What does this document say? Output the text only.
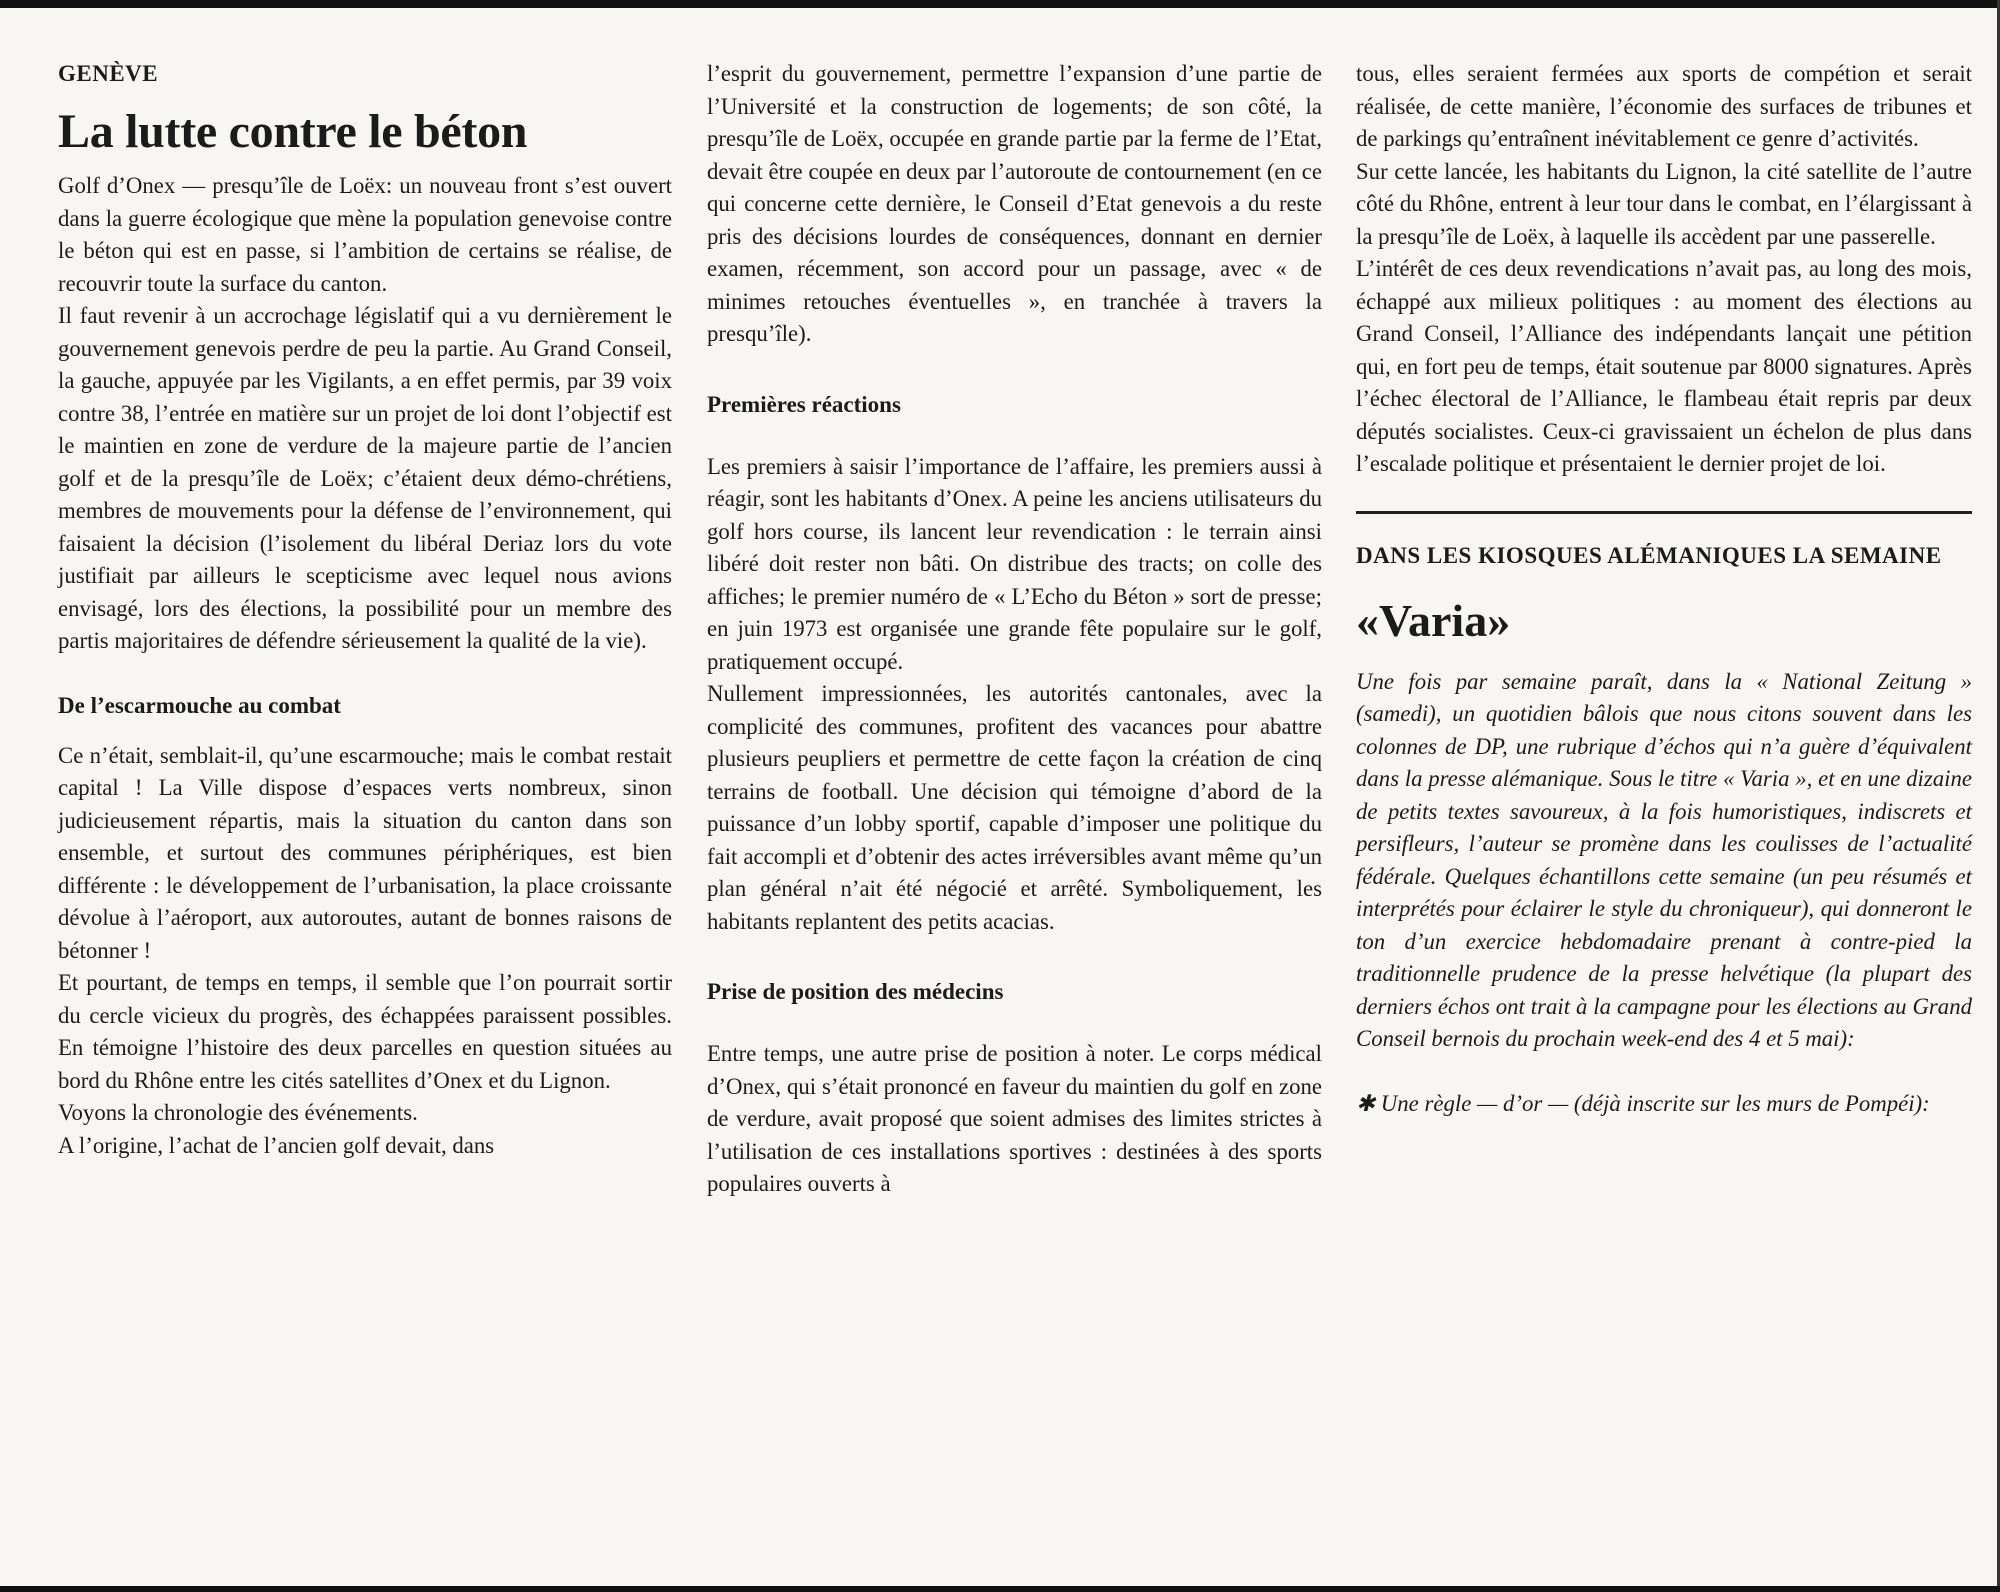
GENÈVE
La lutte contre le béton

Golf d’Onex — presqu’île de Loëx: un nouveau front s’est ouvert dans la guerre écologique que mène la population genevoise contre le béton qui est en passe, si l’ambition de certains se réalise, de recouvrir toute la surface du canton.

Il faut revenir à un accrochage législatif qui a vu dernièrement le gouvernement genevois perdre de peu la partie. Au Grand Conseil, la gauche, appuyée par les Vigilants, a en effet permis, par 39 voix contre 38, l’entrée en matière sur un projet de loi dont l’objectif est le maintien en zone de verdure de la majeure partie de l’ancien golf et de la presqu’île de Loëx; c’étaient deux démo-chrétiens, membres de mouvements pour la défense de l’environnement, qui faisaient la décision (l’isolement du libéral Deriaz lors du vote justifiait par ailleurs le scepticisme avec lequel nous avions envisagé, lors des élections, la possibilité pour un membre des partis majoritaires de défendre sérieusement la qualité de la vie).

De l’escarmouche au combat

Ce n’était, semblait-il, qu’une escarmouche; mais le combat restait capital ! La Ville dispose d’espaces verts nombreux, sinon judicieusement répartis, mais la situation du canton dans son ensemble, et surtout des communes périphériques, est bien différente : le développement de l’urbanisation, la place croissante dévolue à l’aéroport, aux autoroutes, autant de bonnes raisons de bétonner !

Et pourtant, de temps en temps, il semble que l’on pourrait sortir du cercle vicieux du progrès, des échappées paraissent possibles. En témoigne l’histoire des deux parcelles en question situées au bord du Rhône entre les cités satellites d’Onex et du Lignon.

Voyons la chronologie des événements.

A l’origine, l’achat de l’ancien golf devait, dans

l’esprit du gouvernement, permettre l’expansion d’une partie de l’Université et la construction de logements; de son côté, la presqu’île de Loëx, occupée en grande partie par la ferme de l’Etat, devait être coupée en deux par l’autoroute de contournement (en ce qui concerne cette dernière, le Conseil d’Etat genevois a du reste pris des décisions lourdes de conséquences, donnant en dernier examen, récemment, son accord pour un passage, avec « de minimes retouches éventuelles », en tranchée à travers la presqu’île).

Premières réactions

Les premiers à saisir l’importance de l’affaire, les premiers aussi à réagir, sont les habitants d’Onex. A peine les anciens utilisateurs du golf hors course, ils lancent leur revendication : le terrain ainsi libéré doit rester non bâti. On distribue des tracts; on colle des affiches; le premier numéro de « L’Echo du Béton » sort de presse; en juin 1973 est organisée une grande fête populaire sur le golf, pratiquement occupé.

Nullement impressionnées, les autorités cantonales, avec la complicité des communes, profitent des vacances pour abattre plusieurs peupliers et permettre de cette façon la création de cinq terrains de football. Une décision qui témoigne d’abord de la puissance d’un lobby sportif, capable d’imposer une politique du fait accompli et d’obtenir des actes irréversibles avant même qu’un plan général n’ait été négocié et arrêté. Symboliquement, les habitants replantent des petits acacias.

Prise de position des médecins

Entre temps, une autre prise de position à noter. Le corps médical d’Onex, qui s’était prononcé en faveur du maintien du golf en zone de verdure, avait proposé que soient admises des limites strictes à l’utilisation de ces installations sportives : destinées à des sports populaires ouverts à

tous, elles seraient fermées aux sports de compétion et serait réalisée, de cette manière, l’économie des surfaces de tribunes et de parkings qu’entraînent inévitablement ce genre d’activités.

Sur cette lancée, les habitants du Lignon, la cité satellite de l’autre côté du Rhône, entrent à leur tour dans le combat, en l’élargissant à la presqu’île de Loëx, à laquelle ils accèdent par une passerelle.

L’intérêt de ces deux revendications n’avait pas, au long des mois, échappé aux milieux politiques : au moment des élections au Grand Conseil, l’Alliance des indépendants lançait une pétition qui, en fort peu de temps, était soutenue par 8000 signatures. Après l’échec électoral de l’Alliance, le flambeau était repris par deux députés socialistes. Ceux-ci gravissaient un échelon de plus dans l’escalade politique et présentaient le dernier projet de loi.

DANS LES KIOSQUES ALÉMANIQUES LA SEMAINE
«Varia»

Une fois par semaine paraît, dans la « National Zeitung » (samedi), un quotidien bâlois que nous citons souvent dans les colonnes de DP, une rubrique d’échos qui n’a guère d’équivalent dans la presse alémanique. Sous le titre « Varia », et en une dizaine de petits textes savoureux, à la fois humoristiques, indiscrets et persifleurs, l’auteur se promène dans les coulisses de l’actualité fédérale. Quelques échantillons cette semaine (un peu résumés et interprétés pour éclairer le style du chroniqueur), qui donneront le ton d’un exercice hebdomadaire prenant à contre-pied la traditionnelle prudence de la presse helvétique (la plupart des derniers échos ont trait à la campagne pour les élections au Grand Conseil bernois du prochain week-end des 4 et 5 mai):

✱ Une règle — d’or — (déjà inscrite sur les murs de Pompéi):
